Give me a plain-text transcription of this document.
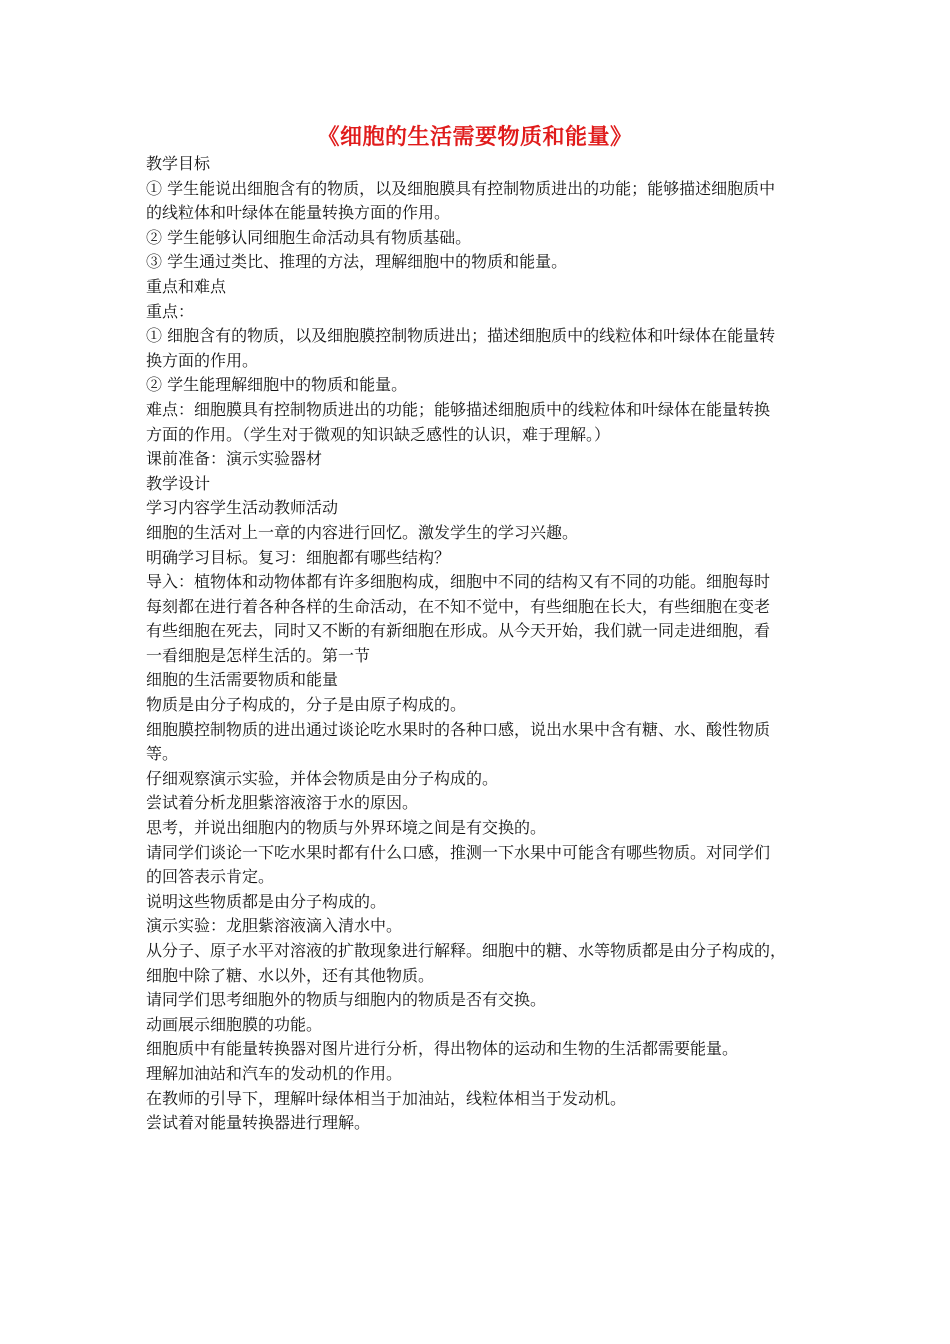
《细胞的生活需要物质和能量》

教学目标

① 学生能说出细胞含有的物质，以及细胞膜具有控制物质进出的功能；能够描述细胞质中

的线粒体和叶绿体在能量转换方面的作用。

② 学生能够认同细胞生命活动具有物质基础。

③ 学生通过类比、推理的方法，理解细胞中的物质和能量。

重点和难点

重点：

① 细胞含有的物质，以及细胞膜控制物质进出；描述细胞质中的线粒体和叶绿体在能量转

换方面的作用。

② 学生能理解细胞中的物质和能量。

难点：细胞膜具有控制物质进出的功能；能够描述细胞质中的线粒体和叶绿体在能量转换

方面的作用。（学生对于微观的知识缺乏感性的认识，难于理解。）

课前准备：演示实验器材

教学设计

学习内容学生活动教师活动

细胞的生活对上一章的内容进行回忆。激发学生的学习兴趣。

明确学习目标。复习：细胞都有哪些结构？

导入：植物体和动物体都有许多细胞构成，细胞中不同的结构又有不同的功能。细胞每时

每刻都在进行着各种各样的生命活动，在不知不觉中，有些细胞在长大，有些细胞在变老

有些细胞在死去，同时又不断的有新细胞在形成。从今天开始，我们就一同走进细胞，看

一看细胞是怎样生活的。第一节

细胞的生活需要物质和能量

物质是由分子构成的，分子是由原子构成的。

细胞膜控制物质的进出通过谈论吃水果时的各种口感，说出水果中含有糖、水、酸性物质

等。

仔细观察演示实验，并体会物质是由分子构成的。

尝试着分析龙胆紫溶液溶于水的原因。

思考，并说出细胞内的物质与外界环境之间是有交换的。

请同学们谈论一下吃水果时都有什么口感，推测一下水果中可能含有哪些物质。对同学们

的回答表示肯定。

说明这些物质都是由分子构成的。

演示实验：龙胆紫溶液滴入清水中。

从分子、原子水平对溶液的扩散现象进行解释。细胞中的糖、水等物质都是由分子构成的，

细胞中除了糖、水以外，还有其他物质。

请同学们思考细胞外的物质与细胞内的物质是否有交换。

动画展示细胞膜的功能。

细胞质中有能量转换器对图片进行分析，得出物体的运动和生物的生活都需要能量。

理解加油站和汽车的发动机的作用。

在教师的引导下，理解叶绿体相当于加油站，线粒体相当于发动机。

尝试着对能量转换器进行理解。
